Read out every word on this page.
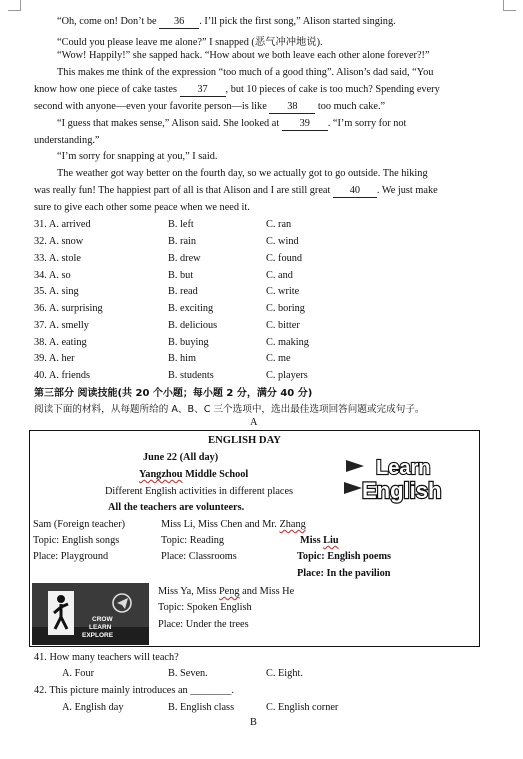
“Oh, come on! Don’t be 36 . I’ll pick the first song,” Alison started singing.
“Could you please leave me alone?” I snapped (恶气冲冲地说).
“Wow! Happily!” she sapped hack. “How about we both leave each other alone forever?!”
This makes me think of the expression “too much of a good thing”. Alison’s dad said, “You
know how one piece of cake tastes 37 , but 10 pieces of cake is too much? Spending every
second with anyone—even your favorite person—is like 38 too much cake.”
“I guess that makes sense,” Alison said. She looked at 39 . “I’m sorry for not
understanding.”
“I’m sorry for snapping at you,” I said.
The weather got way better on the fourth day, so we actually got to go outside. The hiking
was really fun! The happiest part of all is that Alison and I are still great 40 . We just make
sure to give each other some peace when we need it.
31. A. arrived	B. left	C. ran
32. A. snow	B. rain	C. wind
33. A. stole	B. drew	C. found
34. A. so	B. but	C. and
35. A. sing	B. read	C. write
36. A. surprising	B. exciting	C. boring
37. A. smelly	B. delicious	C. bitter
38. A. eating	B. buying	C. making
39. A. her	B. him	C. me
40. A. friends	B. students	C. players
第三部分 阅读技能(共 20 个小题；每小题 2 分，满分 40 分)
阅读下面的材料，从每题所给的 A、B、C 三个选项中，选出最佳选项回答问题或完成句子。
A
ENGLISH DAY
June 22 (All day)
Yangzhou Middle School
Different English activities in different places
All the teachers are volunteers.
Learn
English
Sam (Foreign teacher)
Topic: English songs
Place: Playground
Miss Li, Miss Chen and Mr. Zhang
Topic: Reading
Place: Classrooms
Miss Liu
Topic: English poems
Place: In the pavilion
CROW
LEARN
EXPLORE
Miss Ya, Miss Peng and Miss He
Topic: Spoken English
Place: Under the trees
41. How many teachers will teach?
A. Four	B. Seven.	C. Eight.
42. This picture mainly introduces an ________.
A. English day	B. English class	C. English corner
B
